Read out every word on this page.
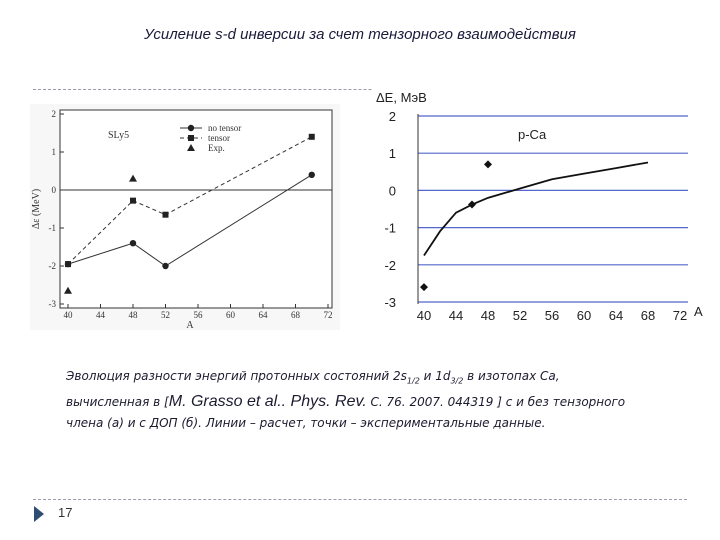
Усиление s-d инверсии за счет тензорного взаимодействия
40	44	48	52	56	60	64	68	72
-3
-2
-1
0
1
2
SLy5
no tensor
tensor
Exp.
Δε (MeV)
A
2
1
0
-1
-2
-3
40 44 48 52 56 60 64 68 72
ΔE, МэВ
p-Ca
A
Эволюция разности энергий протонных состояний $2s_{1/2}$ и $1d_{3/2}$ в изотопах Ca,
вычисленная в [M. Grasso et al.. Phys. Rev. C. 76. 2007. 044319 ] с и без тензорного
члена (а) и с ДОП (б). Линии – расчет, точки – экспериментальные данные.
17
